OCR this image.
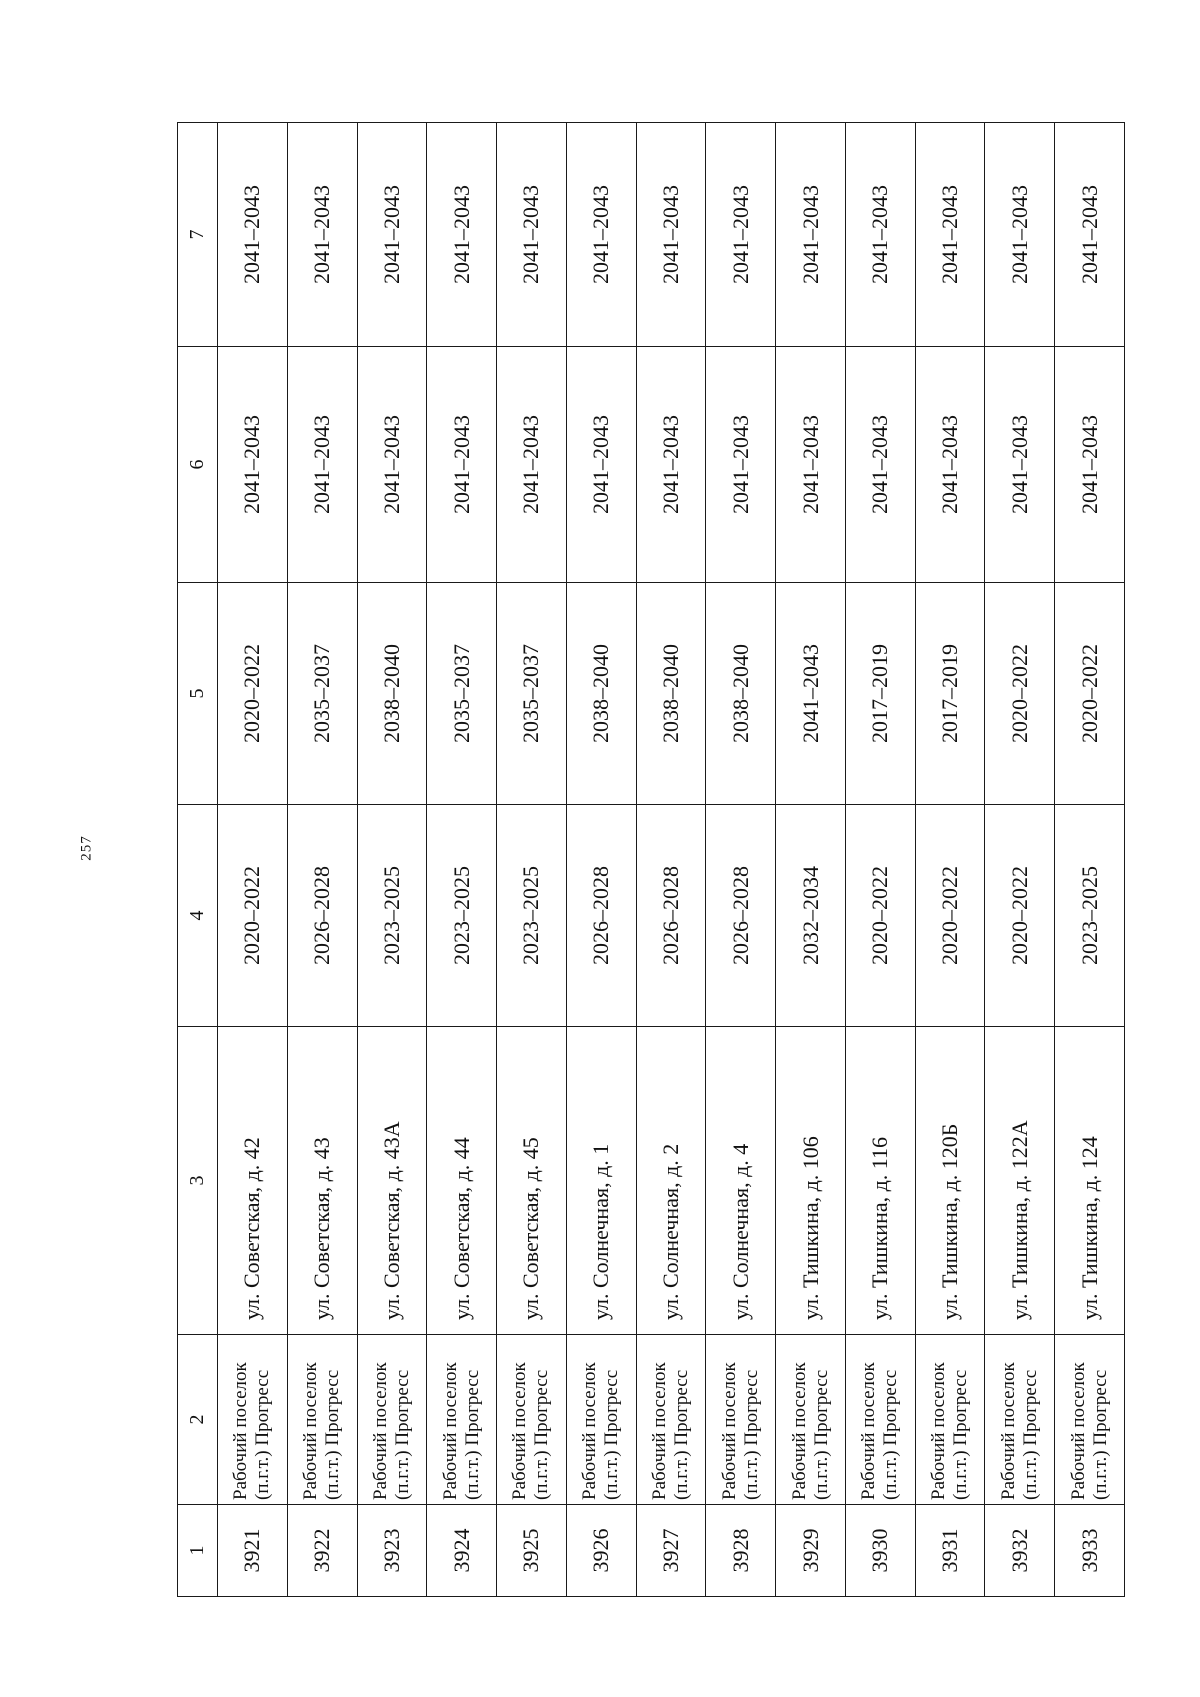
257
1	2	3	4	5	6	7
3921	Рабочий поселок (п.г.т.) Прогресс	ул. Советская, д. 42	2020–2022	2020–2022	2041–2043	2041–2043
3922	Рабочий поселок (п.г.т.) Прогресс	ул. Советская, д. 43	2026–2028	2035–2037	2041–2043	2041–2043
3923	Рабочий поселок (п.г.т.) Прогресс	ул. Советская, д. 43А	2023–2025	2038–2040	2041–2043	2041–2043
3924	Рабочий поселок (п.г.т.) Прогресс	ул. Советская, д. 44	2023–2025	2035–2037	2041–2043	2041–2043
3925	Рабочий поселок (п.г.т.) Прогресс	ул. Советская, д. 45	2023–2025	2035–2037	2041–2043	2041–2043
3926	Рабочий поселок (п.г.т.) Прогресс	ул. Солнечная, д. 1	2026–2028	2038–2040	2041–2043	2041–2043
3927	Рабочий поселок (п.г.т.) Прогресс	ул. Солнечная, д. 2	2026–2028	2038–2040	2041–2043	2041–2043
3928	Рабочий поселок (п.г.т.) Прогресс	ул. Солнечная, д. 4	2026–2028	2038–2040	2041–2043	2041–2043
3929	Рабочий поселок (п.г.т.) Прогресс	ул. Тишкина, д. 106	2032–2034	2041–2043	2041–2043	2041–2043
3930	Рабочий поселок (п.г.т.) Прогресс	ул. Тишкина, д. 116	2020–2022	2017–2019	2041–2043	2041–2043
3931	Рабочий поселок (п.г.т.) Прогресс	ул. Тишкина, д. 120Б	2020–2022	2017–2019	2041–2043	2041–2043
3932	Рабочий поселок (п.г.т.) Прогресс	ул. Тишкина, д. 122А	2020–2022	2020–2022	2041–2043	2041–2043
3933	Рабочий поселок (п.г.т.) Прогресс	ул. Тишкина, д. 124	2023–2025	2020–2022	2041–2043	2041–2043
